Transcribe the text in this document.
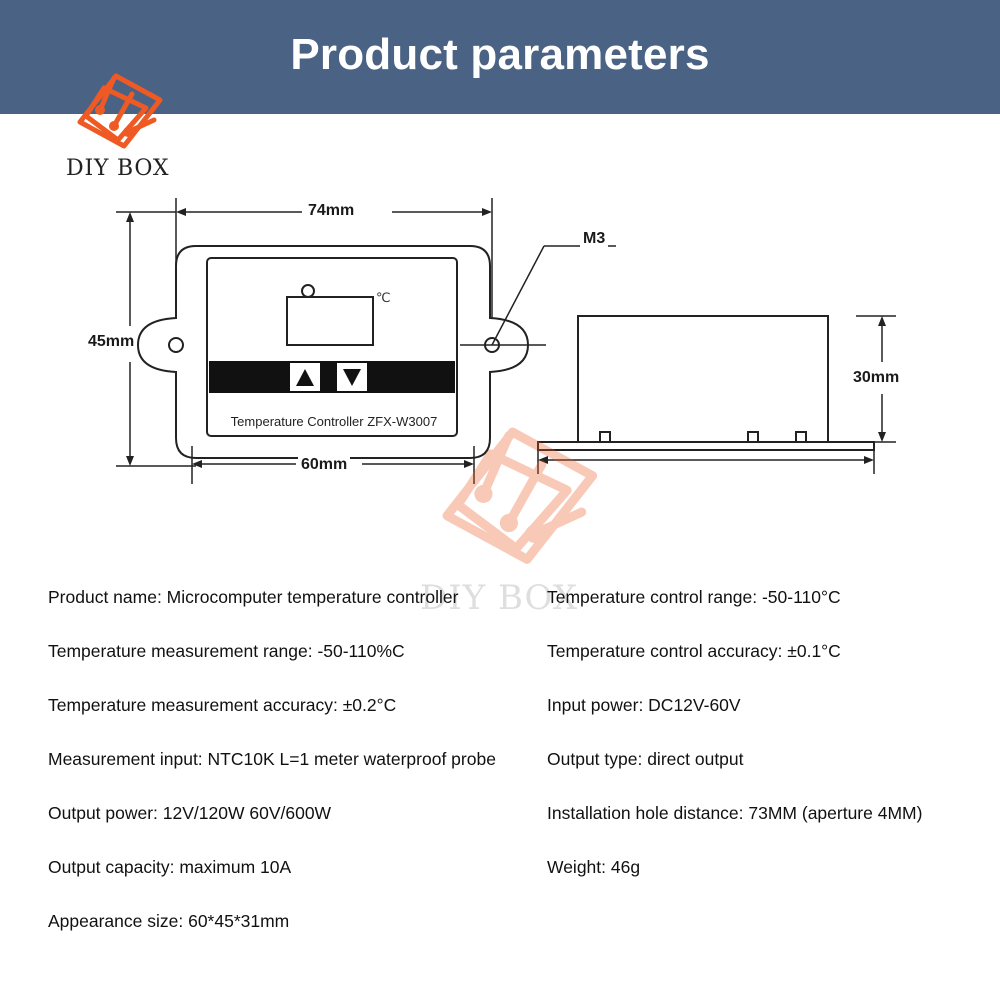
Product parameters
DIY BOX
74mm
45mm
60mm
M3
30mm
℃
Temperature Controller ZFX-W3007
DIY BOX
Product name: Microcomputer temperature controller
Temperature measurement range: -50-110%C
Temperature measurement accuracy: ±0.2°C
Measurement input: NTC10K L=1 meter waterproof probe
Output power: 12V/120W 60V/600W
Output capacity: maximum 10A
Appearance size: 60*45*31mm
Temperature control range: -50-110°C
Temperature control accuracy: ±0.1°C
Input power: DC12V-60V
Output type: direct output
Installation hole distance: 73MM (aperture 4MM)
Weight: 46g
